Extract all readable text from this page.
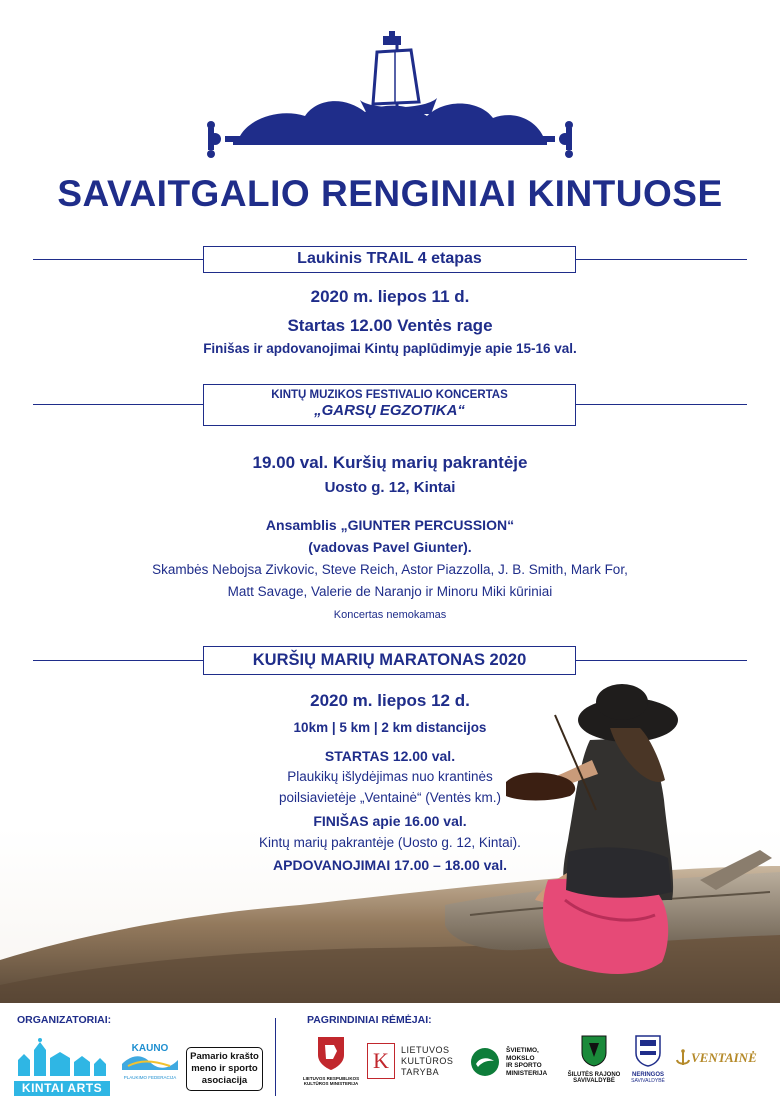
SAVAITGALIO RENGINIAI KINTUOSE
Laukinis TRAIL 4 etapas
2020 m. liepos 11 d.
Startas 12.00 Ventės rage
Finišas ir apdovanojimai Kintų paplūdimyje apie 15-16 val.
KINTŲ MUZIKOS FESTIVALIO KONCERTAS
„GARSŲ EGZOTIKA“
19.00 val. Kuršių marių pakrantėje
Uosto g. 12, Kintai
Ansamblis „GIUNTER PERCUSSION“
(vadovas Pavel Giunter).
Skambės Nebojsa Zivkovic, Steve Reich, Astor Piazzolla, J. B. Smith, Mark For,
Matt Savage, Valerie de Naranjo ir Minoru Miki kūriniai
Koncertas nemokamas
KURŠIŲ MARIŲ MARATONAS 2020
2020 m. liepos 12 d.
10km | 5 km | 2 km distancijos
STARTAS 12.00 val.
Plaukikų išlydėjimas nuo krantinės
poilsiavietėje „Ventainė“ (Ventės km.)
FINIŠAS apie 16.00 val.
Kintų marių pakrantėje (Uosto g. 12, Kintai).
APDOVANOJIMAI 17.00 – 18.00 val.
ORGANIZATORIAI:	PAGRINDINIAI RĖMĖJAI:
KINTAI ARTS
KAUNO
PLAUKIMO FEDERACIJA
Pamario krašto
meno ir sporto
asociacija	LIETUVOS RESPUBLIKOS
KULTŪROS MINISTERIJA
K	LIETUVOS
KULTŪROS
TARYBA
ŠVIETIMO,
MOKSLO
IR SPORTO
MINISTERIJA	ŠILUTĖS RAJONO
SAVIVALDYBĖ
NERINGOS
SAVIVALDYBĖ
VENTAINĖ
